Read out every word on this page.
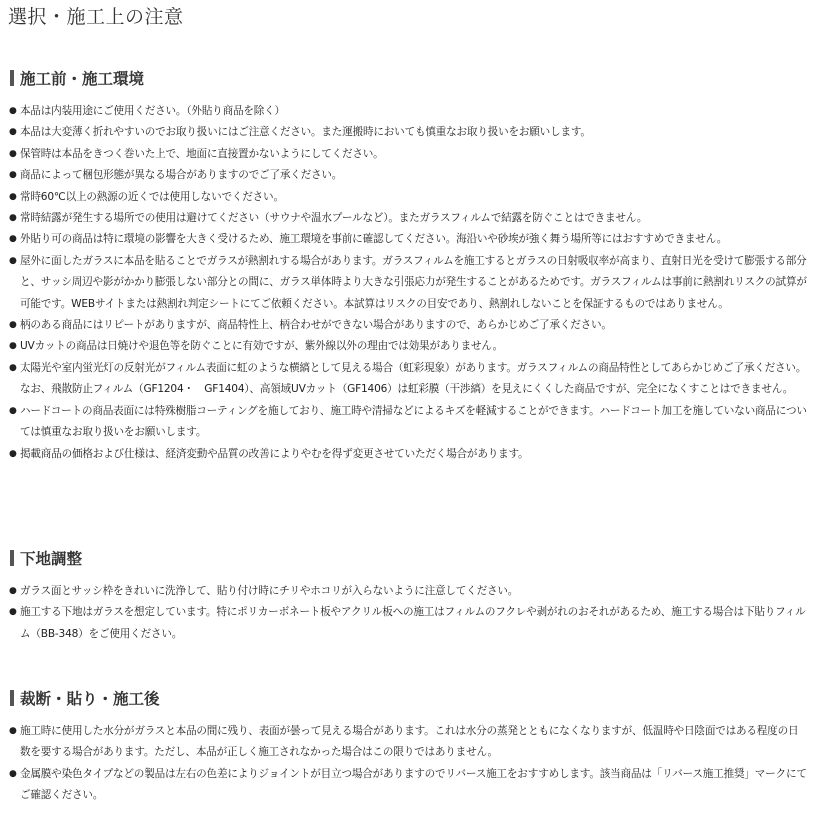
選択・施工上の注意
施工前・施工環境
● 本品は内装用途にご使用ください。（外貼り商品を除く）
● 本品は大変薄く折れやすいのでお取り扱いにはご注意ください。また運搬時においても慎重なお取り扱いをお願いします。
● 保管時は本品をきつく巻いた上で、地面に直接置かないようにしてください。
● 商品によって梱包形態が異なる場合がありますのでご了承ください。
● 常時60℃以上の熱源の近くでは使用しないでください。
● 常時結露が発生する場所での使用は避けてください（サウナや温水プールなど）。またガラスフィルムで結露を防ぐことはできません。
● 外貼り可の商品は特に環境の影響を大きく受けるため、施工環境を事前に確認してください。海沿いや砂埃が強く舞う場所等にはおすすめできません。
● 屋外に面したガラスに本品を貼ることでガラスが熱割れする場合があります。ガラスフィルムを施工するとガラスの日射吸収率が高まり、直射日光を受けて膨張する部分と、サッシ周辺や影がかかり膨張しない部分との間に、ガラス単体時より大きな引張応力が発生することがあるためです。ガラスフィルムは事前に熱割れリスクの試算が可能です。WEBサイトまたは熱割れ判定シートにてご依頼ください。本試算はリスクの目安であり、熱割れしないことを保証するものではありません。
● 柄のある商品にはリピートがありますが、商品特性上、柄合わせができない場合がありますので、あらかじめご了承ください。
● UVカットの商品は日焼けや退色等を防ぐことに有効ですが、紫外線以外の理由では効果がありません。
● 太陽光や室内蛍光灯の反射光がフィルム表面に虹のような横縞として見える場合（虹彩現象）があります。ガラスフィルムの商品特性としてあらかじめご了承ください。なお、飛散防止フィルム（GF1204・　GF1404）、高領域UVカット（GF1406）は虹彩膜（干渉縞）を見えにくくした商品ですが、完全になくすことはできません。
● ハードコートの商品表面には特殊樹脂コーティングを施しており、施工時や清掃などによるキズを軽減することができます。ハードコート加工を施していない商品については慎重なお取り扱いをお願いします。
● 掲載商品の価格および仕様は、経済変動や品質の改善によりやむを得ず変更させていただく場合があります。
下地調整
● ガラス面とサッシ枠をきれいに洗浄して、貼り付け時にチリやホコリが入らないように注意してください。
● 施工する下地はガラスを想定しています。特にポリカーボネート板やアクリル板への施工はフィルムのフクレや剥がれのおそれがあるため、施工する場合は下貼りフィルム（BB-348）をご使用ください。
裁断・貼り・施工後
● 施工時に使用した水分がガラスと本品の間に残り、表面が曇って見える場合があります。これは水分の蒸発とともになくなりますが、低温時や日陰面ではある程度の日数を要する場合があります。ただし、本品が正しく施工されなかった場合はこの限りではありません。
● 金属膜や染色タイプなどの製品は左右の色差によりジョイントが目立つ場合がありますのでリバース施工をおすすめします。該当商品は「リバース施工推奨」マークにてご確認ください。
